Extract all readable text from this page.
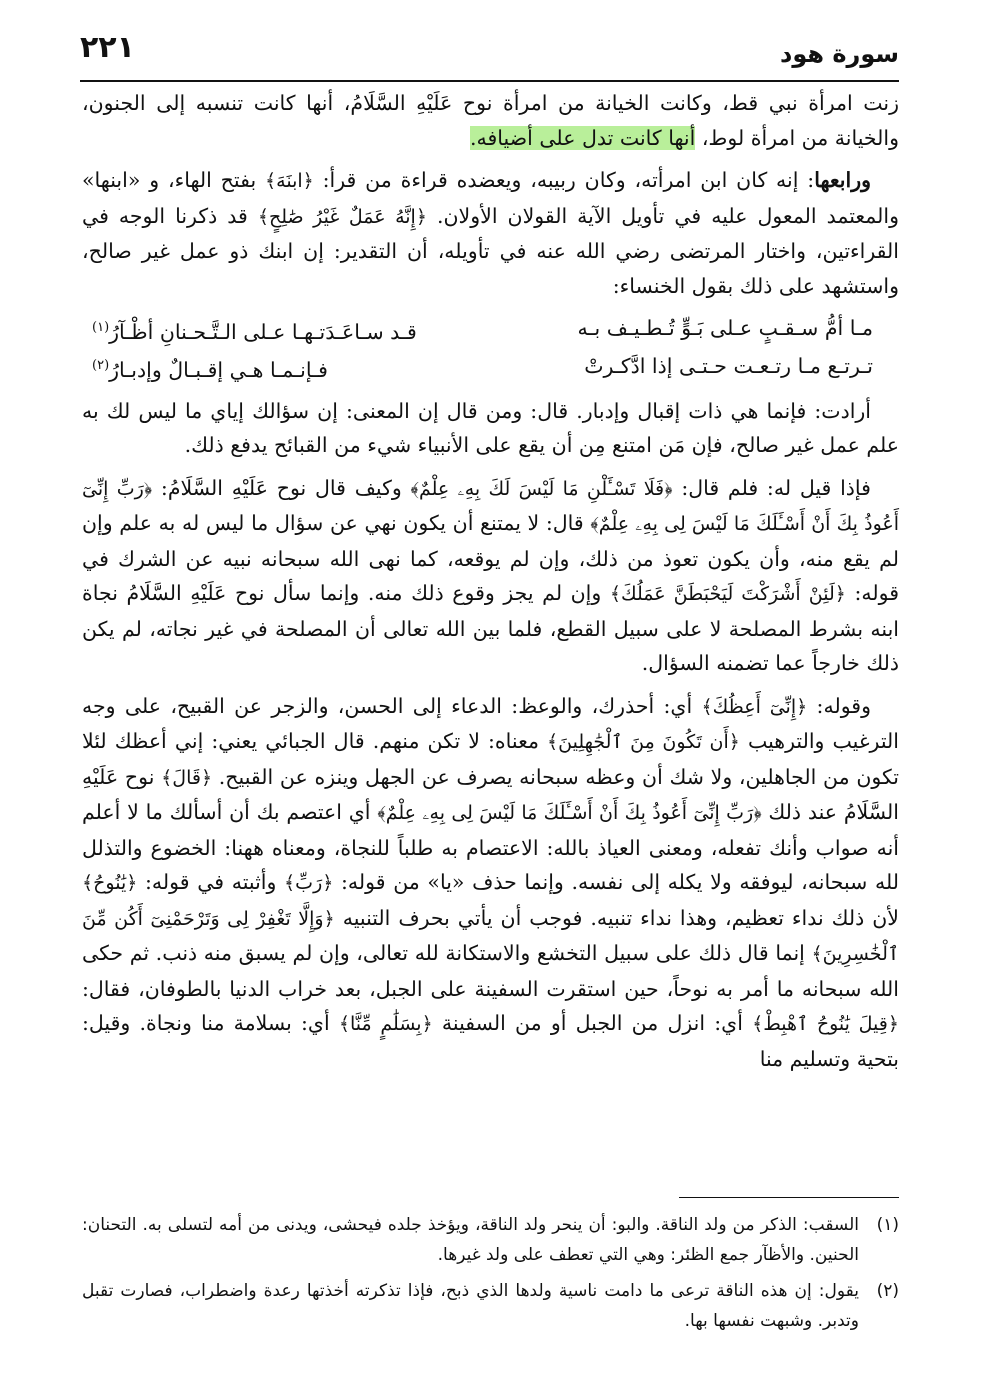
سورة هود
٢٢١

زنت امرأة نبي قط، وكانت الخيانة من امرأة نوح عَلَيْهِ السَّلَامُ، أنها كانت تنسبه إلى الجنون، والخيانة من امرأة لوط، أنها كانت تدل على أضيافه.

ورابعها: إنه كان ابن امرأته، وكان ربيبه، ويعضده قراءة من قرأ: ﴿ابنَهَ﴾ بفتح الهاء، و «ابنها» والمعتمد المعول عليه في تأويل الآية القولان الأولان. ﴿إِنَّهُ عَمَلٌ غَيْرُ صَٰلِحٍ﴾ قد ذكرنا الوجه في القراءتين، واختار المرتضى رضي الله عنه في تأويله، أن التقدير: إن ابنك ذو عمل غير صالح، واستشهد على ذلك بقول الخنساء:

مـا أمُّ سـقـبٍ عـلى بَـوٍّ تُـطـيـف بـه
قـد سـاعَـدَتـهـا عـلى الـتَّـحـنانِ أظْـآرُ$^{(١)}$
تـرتـع مـا رتـعـت حـتـى إذا ادَّكـرتْ
فـإنـمـا هـي إقـبـالٌ وإدبـارُ$^{(٢)}$

أرادت: فإنما هي ذات إقبال وإدبار. قال: ومن قال إن المعنى: إن سؤالك إياي ما ليس لك به علم عمل غير صالح، فإن مَن امتنع مِن أن يقع على الأنبياء شيء من القبائح يدفع ذلك.

فإذا قيل له: فلم قال: ﴿فَلَا تَسْـَٔلْنِ مَا لَيْسَ لَكَ بِهِۦ عِلْمٌ﴾ وكيف قال نوح عَلَيْهِ السَّلَامُ: ﴿رَبِّ إِنِّىٓ أَعُوذُ بِكَ أَنْ أَسْـَٔلَكَ مَا لَيْسَ لِى بِهِۦ عِلْمٌ﴾ قال: لا يمتنع أن يكون نهي عن سؤال ما ليس له به علم وإن لم يقع منه، وأن يكون تعوذ من ذلك، وإن لم يوقعه، كما نهى الله سبحانه نبيه عن الشرك في قوله: ﴿لَئِنْ أَشْرَكْتَ لَيَحْبَطَنَّ عَمَلُكَ﴾ وإن لم يجز وقوع ذلك منه. وإنما سأل نوح عَلَيْهِ السَّلَامُ نجاة ابنه بشرط المصلحة لا على سبيل القطع، فلما بين الله تعالى أن المصلحة في غير نجاته، لم يكن ذلك خارجاً عما تضمنه السؤال.

وقوله: ﴿إِنِّىٓ أَعِظُكَ﴾ أي: أحذرك، والوعظ: الدعاء إلى الحسن، والزجر عن القبيح، على وجه الترغيب والترهيب ﴿أَن تَكُونَ مِنَ ٱلْجَٰهِلِينَ﴾ معناه: لا تكن منهم. قال الجبائي يعني: إني أعظك لئلا تكون من الجاهلين، ولا شك أن وعظه سبحانه يصرف عن الجهل وينزه عن القبيح. ﴿قَالَ﴾ نوح عَلَيْهِ السَّلَامُ عند ذلك ﴿رَبِّ إِنِّىٓ أَعُوذُ بِكَ أَنْ أَسْـَٔلَكَ مَا لَيْسَ لِى بِهِۦ عِلْمٌ﴾ أي اعتصم بك أن أسألك ما لا أعلم أنه صواب وأنك تفعله، ومعنى العياذ بالله: الاعتصام به طلباً للنجاة، ومعناه ههنا: الخضوع والتذلل لله سبحانه، ليوفقه ولا يكله إلى نفسه. وإنما حذف «يا» من قوله: ﴿رَبِّ﴾ وأثبته في قوله: ﴿يَٰنُوحُ﴾ لأن ذلك نداء تعظيم، وهذا نداء تنبيه. فوجب أن يأتي بحرف التنبيه ﴿وَإِلَّا تَغْفِرْ لِى وَتَرْحَمْنِىٓ أَكُن مِّنَ ٱلْخَٰسِرِينَ﴾ إنما قال ذلك على سبيل التخشع والاستكانة لله تعالى، وإن لم يسبق منه ذنب. ثم حكى الله سبحانه ما أمر به نوحاً، حين استقرت السفينة على الجبل، بعد خراب الدنيا بالطوفان، فقال: ﴿قِيلَ يَٰنُوحُ ٱهْبِطْ﴾ أي: انزل من الجبل أو من السفينة ﴿بِسَلَٰمٍ مِّنَّا﴾ أي: بسلامة منا ونجاة. وقيل: بتحية وتسليم منا

(١)
السقب: الذكر من ولد الناقة. والبو: أن ينحر ولد الناقة، ويؤخذ جلده فيحشى، ويدنى من أمه لتسلى به. التحنان: الحنين. والأظآر جمع الظئر: وهي التي تعطف على ولد غيرها.
(٢)
يقول: إن هذه الناقة ترعى ما دامت ناسية ولدها الذي ذبح، فإذا تذكرته أخذتها رعدة واضطراب، فصارت تقبل وتدبر. وشبهت نفسها بها.
